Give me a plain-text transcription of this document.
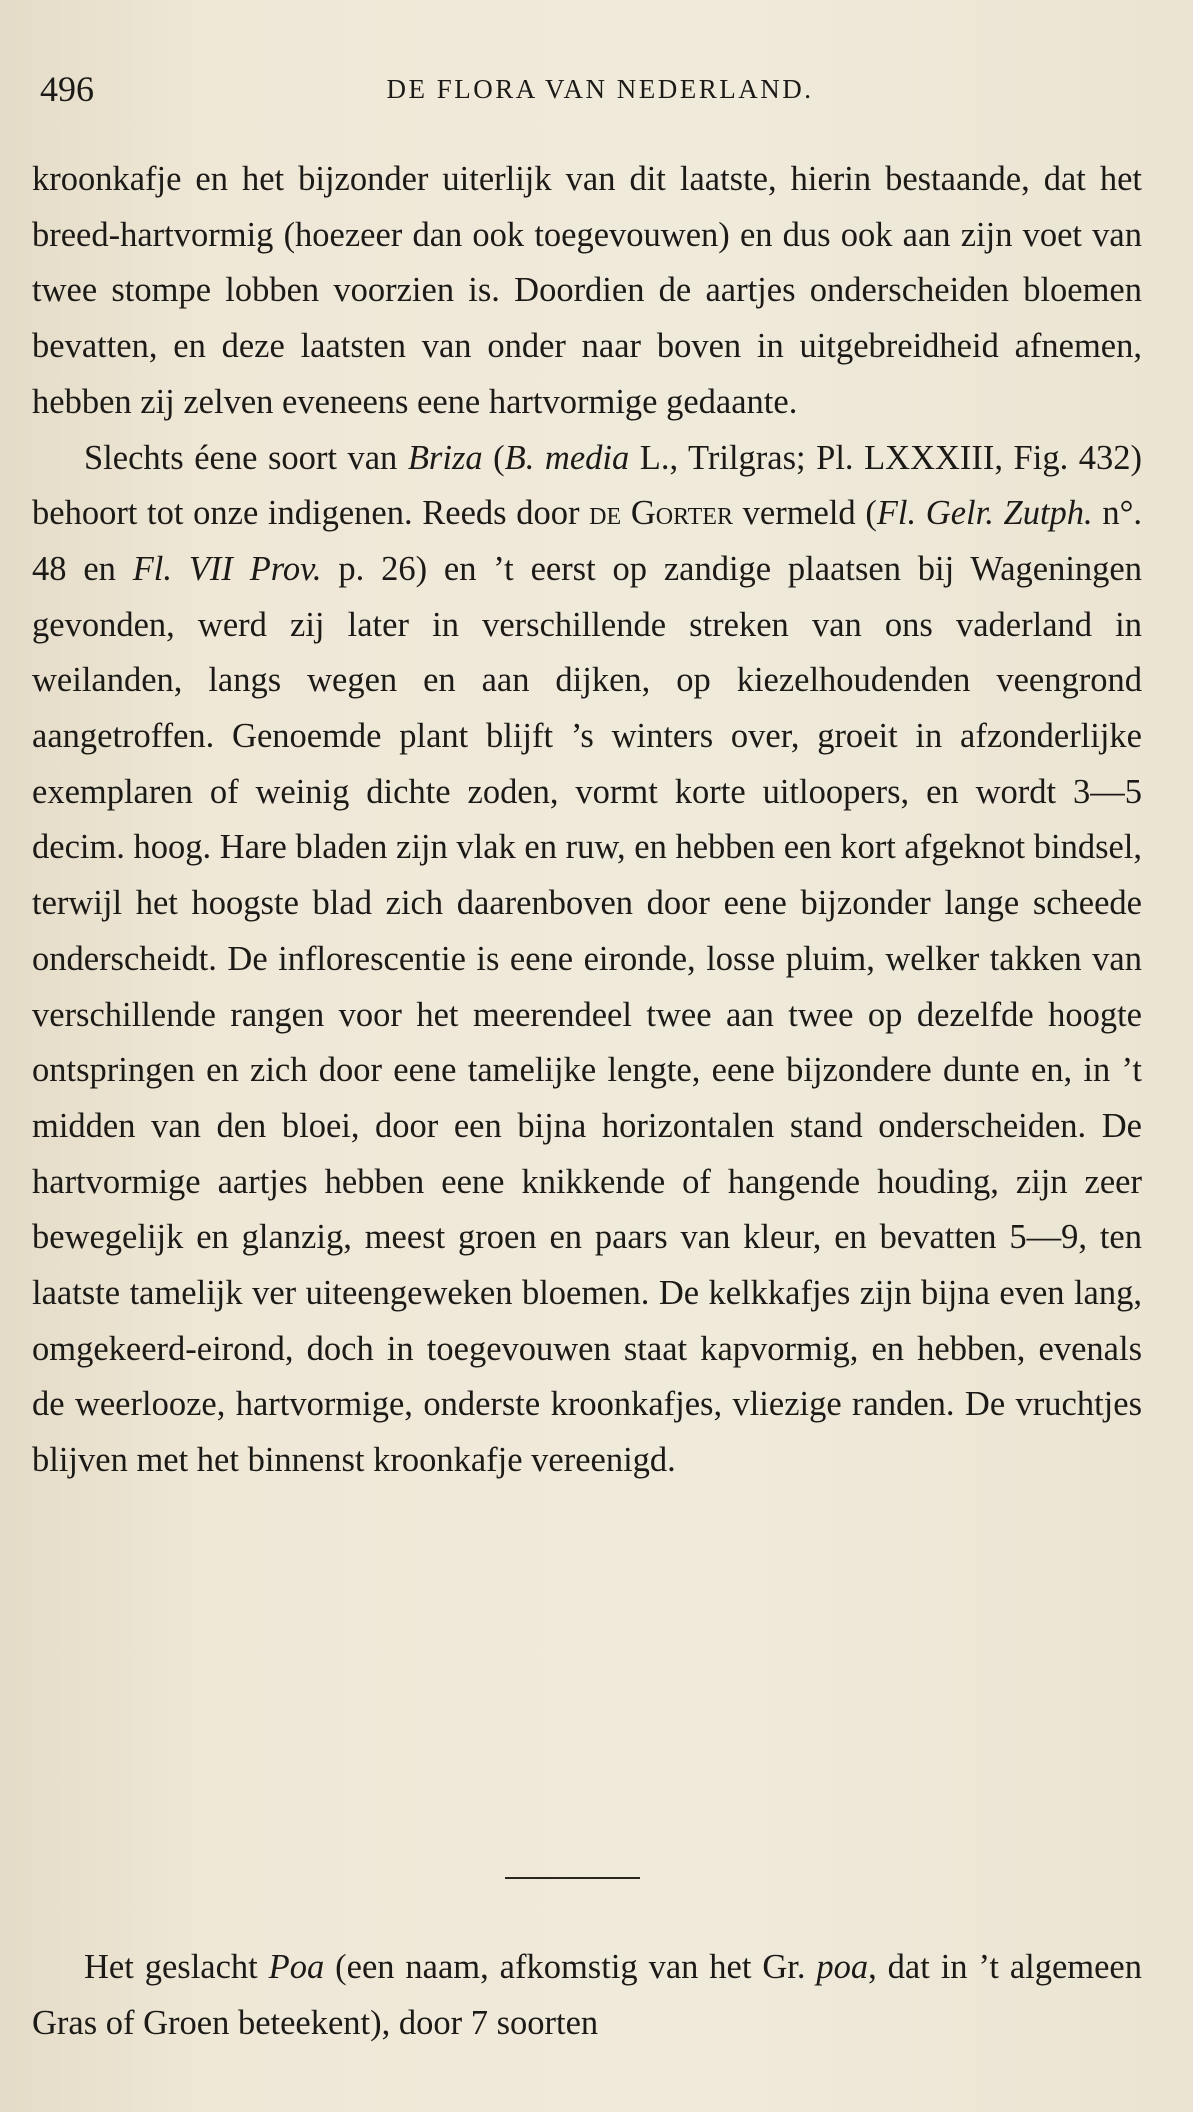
496	DE FLORA VAN NEDERLAND.

kroonkafje en het bijzonder uiterlijk van dit laatste, hierin bestaande, dat het breed-hartvormig (hoezeer dan ook toegevouwen) en dus ook aan zijn voet van twee stompe lobben voorzien is. Doordien de aartjes onderscheiden bloemen bevatten, en deze laatsten van onder naar boven in uitgebreidheid afnemen, hebben zij zelven eveneens eene hartvormige gedaante.

Slechts éene soort van Briza (B. media L., Trilgras; Pl. LXXXIII, Fig. 432) behoort tot onze indigenen. Reeds door de Gorter vermeld (Fl. Gelr. Zutph. n°. 48 en Fl. VII Prov. p. 26) en ’t eerst op zandige plaatsen bij Wageningen gevonden, werd zij later in verschillende streken van ons vaderland in weilanden, langs wegen en aan dijken, op kiezelhoudenden veengrond aangetroffen. Genoemde plant blijft ’s winters over, groeit in afzonderlijke exemplaren of weinig dichte zoden, vormt korte uitloopers, en wordt 3—5 decim. hoog. Hare bladen zijn vlak en ruw, en hebben een kort afgeknot bindsel, terwijl het hoogste blad zich daarenboven door eene bijzonder lange scheede onderscheidt. De inflorescentie is eene eironde, losse pluim, welker takken van verschillende rangen voor het meerendeel twee aan twee op dezelfde hoogte ontspringen en zich door eene tamelijke lengte, eene bijzondere dunte en, in ’t midden van den bloei, door een bijna horizontalen stand onderscheiden. De hartvormige aartjes hebben eene knikkende of hangende houding, zijn zeer bewegelijk en glanzig, meest groen en paars van kleur, en bevatten 5—9, ten laatste tamelijk ver uiteengeweken bloemen. De kelkkafjes zijn bijna even lang, omgekeerd-eirond, doch in toegevouwen staat kapvormig, en hebben, evenals de weerlooze, hartvormige, onderste kroonkafjes, vliezige randen. De vruchtjes blijven met het binnenst kroonkafje vereenigd.

Het geslacht Poa (een naam, afkomstig van het Gr. poa, dat in ’t algemeen Gras of Groen beteekent), door 7 soorten
